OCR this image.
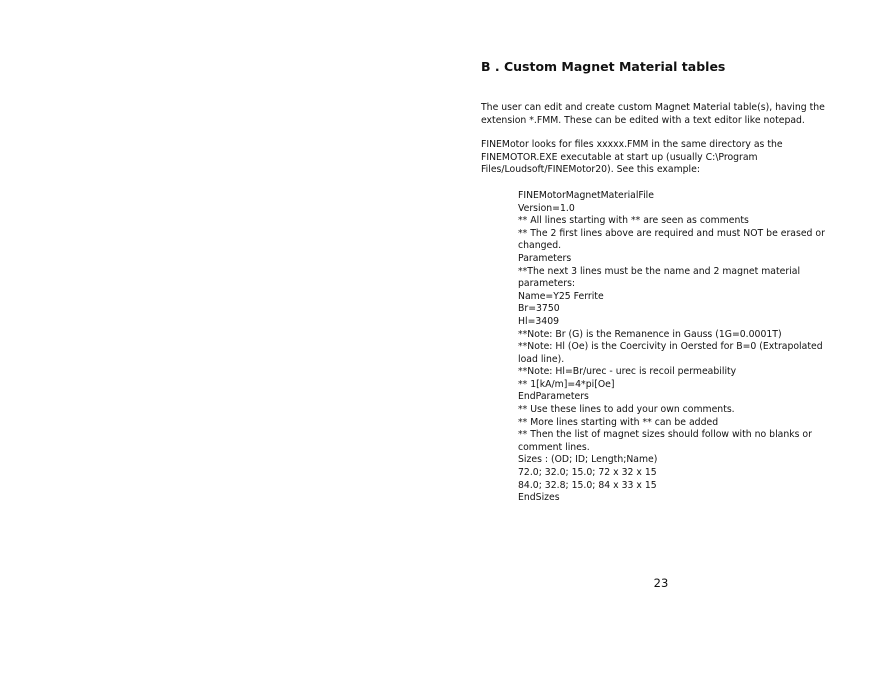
B . Custom Magnet Material tables

The user can edit and create custom Magnet Material table(s), having the extension *.FMM. These can be edited with a text editor like notepad.

FINEMotor looks for files xxxxx.FMM in the same directory as the FINEMOTOR.EXE executable at start up (usually C:\Program Files/Loudsoft/FINEMotor20). See this example:

FINEMotorMagnetMaterialFile

Version=1.0

** All lines starting with ** are seen as comments

** The 2 first lines above are required and must NOT be erased or changed.

Parameters

**The next 3 lines must be the name and 2 magnet material parameters:

Name=Y25 Ferrite

Br=3750

Hl=3409

**Note: Br (G) is the Remanence in Gauss (1G=0.0001T)

**Note: Hl (Oe) is the Coercivity in Oersted for B=0 (Extrapolated load line).

**Note: Hl=Br/urec - urec is recoil permeability

** 1[kA/m]=4*pi[Oe]

EndParameters

** Use these lines to add your own comments.

** More lines starting with ** can be added

** Then the list of magnet sizes should follow with no blanks or comment lines.

Sizes : (OD; ID; Length;Name)

72.0; 32.0; 15.0; 72 x 32 x 15

84.0; 32.8; 15.0; 84 x 33 x 15

EndSizes

23
